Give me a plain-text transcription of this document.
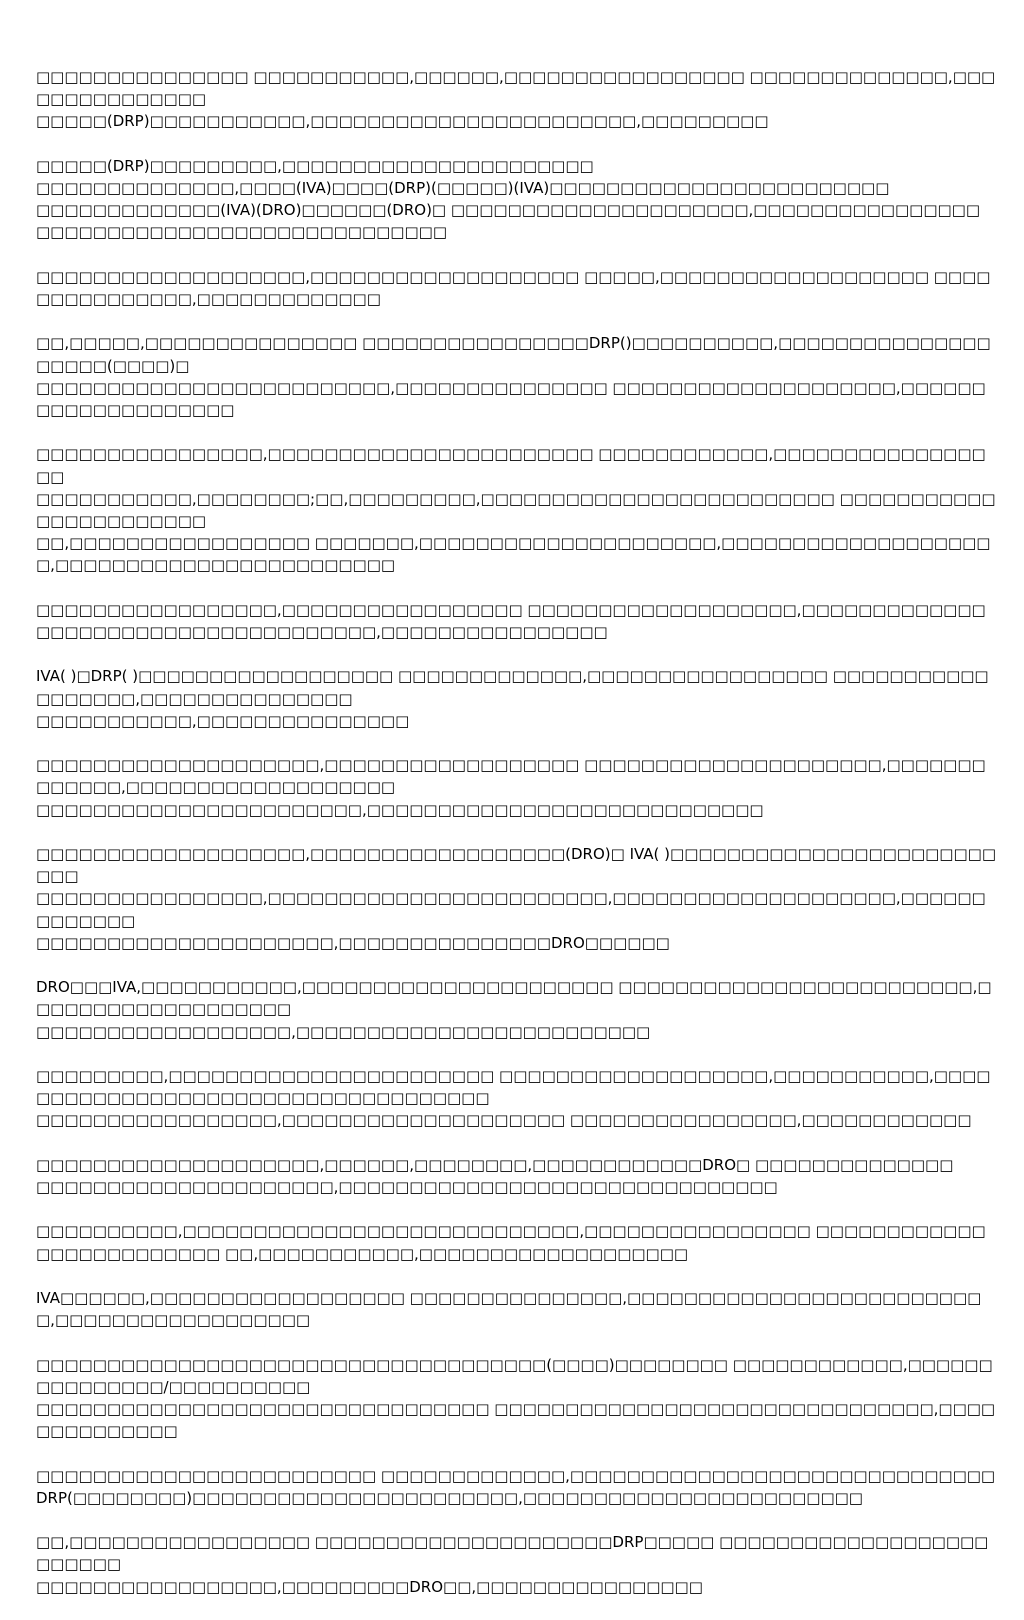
□□□□□□□□□□□□□□□ □□□□□□□□□□□,□□□□□□,□□□□□□□□□□□□□□□□□ □□□□□□□□□□□□□□,□□□□□□□□□□□□□□□
□□□□□(DRP)□□□□□□□□□□□,□□□□□□□□□□□□□□□□□□□□□□□,□□□□□□□□□

□□□□□(DRP)□□□□□□□□□,□□□□□□□□□□□□□□□□□□□□□□
□□□□□□□□□□□□□□,□□□□(IVA)□□□□(DRP)(□□□□□)(IVA)□□□□□□□□□□□□□□□□□□□□□□□□
□□□□□□□□□□□□□(IVA)(DRO)□□□□□□(DRO)□ □□□□□□□□□□□□□□□□□□□□□,□□□□□□□□□□□□□□□□
□□□□□□□□□□□□□□□□□□□□□□□□□□□□□

□□□□□□□□□□□□□□□□□□□,□□□□□□□□□□□□□□□□□□□ □□□□□,□□□□□□□□□□□□□□□□□□□ □□□□□□□□□□□□□□□,□□□□□□□□□□□□□

□□,□□□□□,□□□□□□□□□□□□□□□ □□□□□□□□□□□□□□□□DRP()□□□□□□□□□□,□□□□□□□□□□□□□□□□□□□□(□□□□)□
□□□□□□□□□□□□□□□□□□□□□□□□□,□□□□□□□□□□□□□□□ □□□□□□□□□□□□□□□□□□□□,□□□□□□□□□□□□□□□□□□□□

□□□□□□□□□□□□□□□□,□□□□□□□□□□□□□□□□□□□□□□□ □□□□□□□□□□□□,□□□□□□□□□□□□□□□□□
□□□□□□□□□□□,□□□□□□□□;□□,□□□□□□□□□,□□□□□□□□□□□□□□□□□□□□□□□□□ □□□□□□□□□□□□□□□□□□□□□□□
□□,□□□□□□□□□□□□□□□□□ □□□□□□□,□□□□□□□□□□□□□□□□□□□□□,□□□□□□□□□□□□□□□□□□□□,□□□□□□□□□□□□□□□□□□□□□□□□

□□□□□□□□□□□□□□□□□,□□□□□□□□□□□□□□□□□ □□□□□□□□□□□□□□□□□□□,□□□□□□□□□□□□□ □□□□□□□□□□□□□□□□□□□□□□□□,□□□□□□□□□□□□□□□□

IVA( )□DRP( )□□□□□□□□□□□□□□□□□□ □□□□□□□□□□□□□,□□□□□□□□□□□□□□□□□ □□□□□□□□□□□□□□□□□□,□□□□□□□□□□□□□□□
□□□□□□□□□□□,□□□□□□□□□□□□□□□

□□□□□□□□□□□□□□□□□□□□,□□□□□□□□□□□□□□□□□□ □□□□□□□□□□□□□□□□□□□□□,□□□□□□□□□□□□□,□□□□□□□□□□□□□□□□□□□
□□□□□□□□□□□□□□□□□□□□□□□,□□□□□□□□□□□□□□□□□□□□□□□□□□□□

□□□□□□□□□□□□□□□□□□□,□□□□□□□□□□□□□□□□□□(DRO)□ IVA( )□□□□□□□□□□□□□□□□□□□□□□□□□□
□□□□□□□□□□□□□□□□,□□□□□□□□□□□□□□□□□□□□□□□□,□□□□□□□□□□□□□□□□□□□□,□□□□□□□□□□□□□
□□□□□□□□□□□□□□□□□□□□□,□□□□□□□□□□□□□□□DRO□□□□□□

DRO□□□IVA,□□□□□□□□□□□,□□□□□□□□□□□□□□□□□□□□□□ □□□□□□□□□□□□□□□□□□□□□□□□□,□□□□□□□□□□□□□□□□□□□
□□□□□□□□□□□□□□□□□□,□□□□□□□□□□□□□□□□□□□□□□□□□

□□□□□□□□□,□□□□□□□□□□□□□□□□□□□□□□□ □□□□□□□□□□□□□□□□□□□,□□□□□□□□□□□,□□□□□□□□□□□□□□□□□□□□□□□□□□□□□□□□□□□□
□□□□□□□□□□□□□□□□□,□□□□□□□□□□□□□□□□□□□□ □□□□□□□□□□□□□□□□,□□□□□□□□□□□□

□□□□□□□□□□□□□□□□□□□□,□□□□□□,□□□□□□□□,□□□□□□□□□□□□DRO□ □□□□□□□□□□□□□□
□□□□□□□□□□□□□□□□□□□□□,□□□□□□□□□□□□□□□□□□□□□□□□□□□□□□□

□□□□□□□□□□,□□□□□□□□□□□□□□□□□□□□□□□□□□□□,□□□□□□□□□□□□□□□□ □□□□□□□□□□□□□□□□□□□□□□□□□ □□,□□□□□□□□□□□,□□□□□□□□□□□□□□□□□□□

IVA□□□□□□,□□□□□□□□□□□□□□□□□□ □□□□□□□□□□□□□□□,□□□□□□□□□□□□□□□□□□□□□□□□□□,□□□□□□□□□□□□□□□□□□

□□□□□□□□□□□□□□□□□□□□□□□□□□□□□□□□□□□□(□□□□)□□□□□□□□ □□□□□□□□□□□□,□□□□□□□□□□□□□□□/□□□□□□□□□□
□□□□□□□□□□□□□□□□□□□□□□□□□□□□□□□□ □□□□□□□□□□□□□□□□□□□□□□□□□□□□□□□,□□□□□□□□□□□□□□

□□□□□□□□□□□□□□□□□□□□□□□□ □□□□□□□□□□□□□,□□□□□□□□□□□□□□□□□□□□□□□□□□□□□□
DRP(□□□□□□□□)□□□□□□□□□□□□□□□□□□□□□□□,□□□□□□□□□□□□□□□□□□□□□□□□

□□,□□□□□□□□□□□□□□□□□ □□□□□□□□□□□□□□□□□□□□□DRP□□□□□ □□□□□□□□□□□□□□□□□□□□□□□□□
□□□□□□□□□□□□□□□□□,□□□□□□□□□DRO□□,□□□□□□□□□□□□□□□□
